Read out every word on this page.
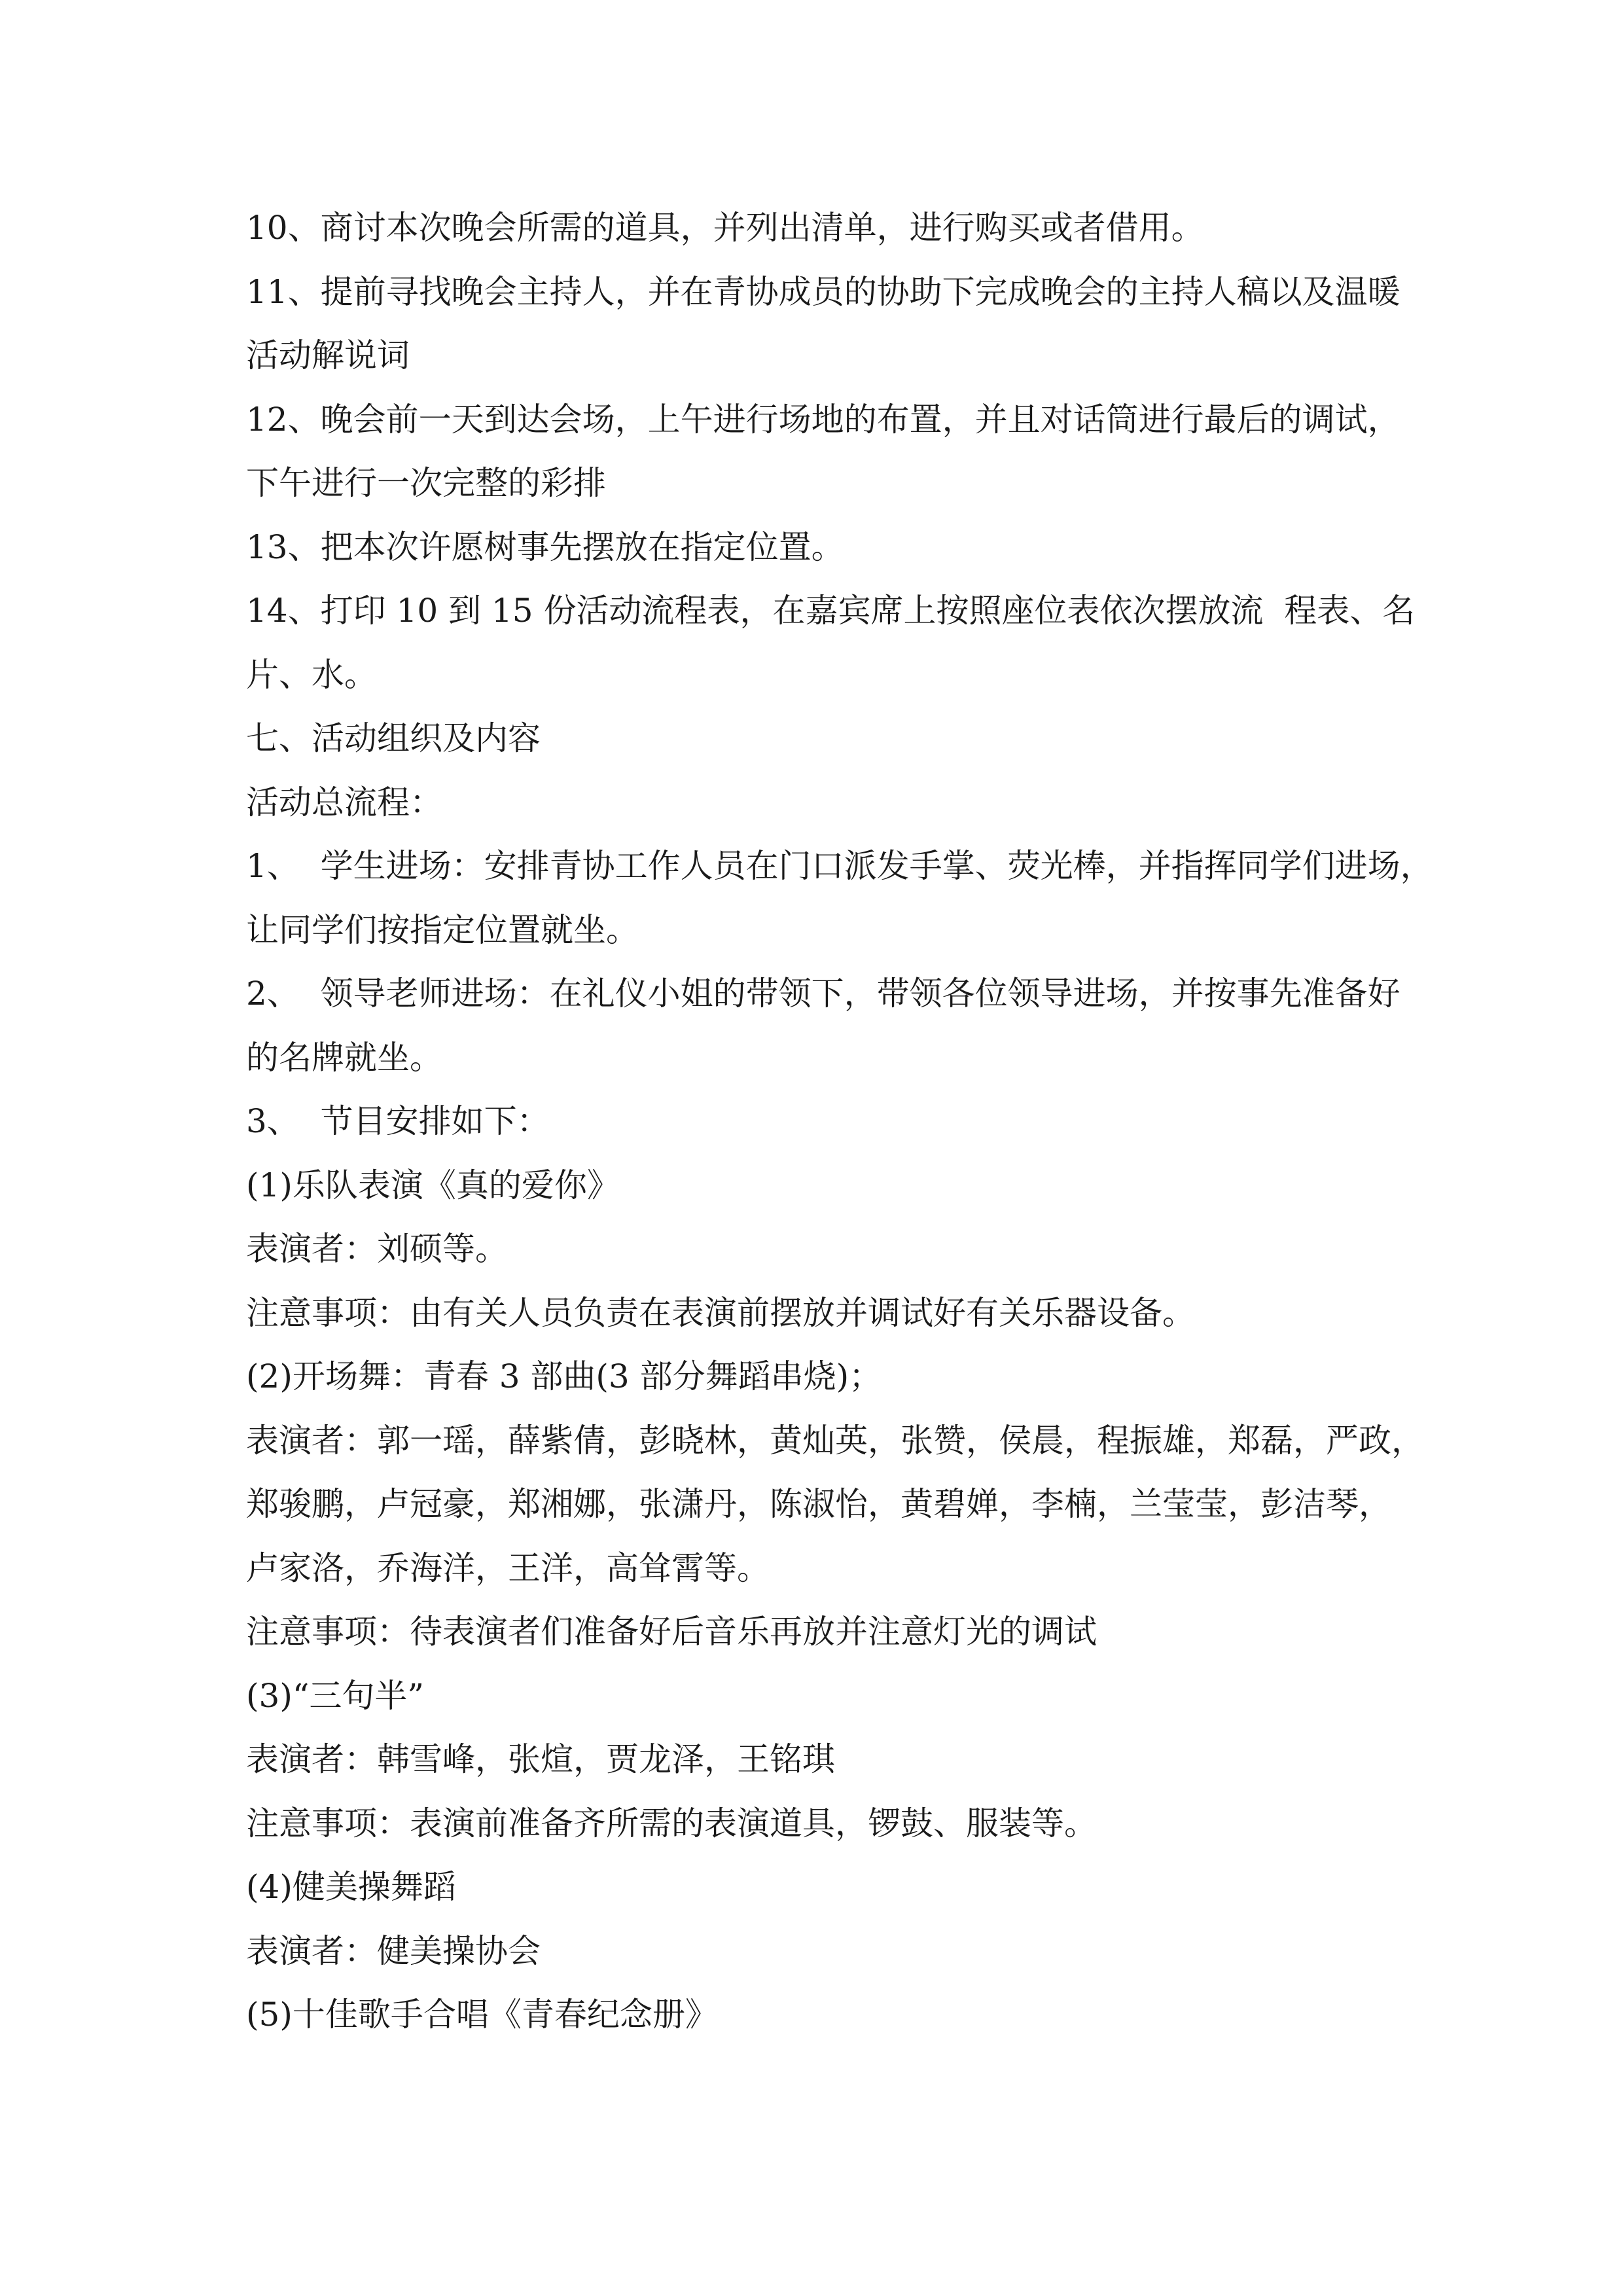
10、商讨本次晚会所需的道具，并列出清单，进行购买或者借用。
11、提前寻找晚会主持人，并在青协成员的协助下完成晚会的主持人稿以及温暖
活动解说词
12、晚会前一天到达会场，上午进行场地的布置，并且对话筒进行最后的调试，
下午进行一次完整的彩排
13、把本次许愿树事先摆放在指定位置。
14、打印 10 到 15 份活动流程表，在嘉宾席上按照座位表依次摆放流  程表、名
片、水。
七、活动组织及内容
活动总流程：
1、  学生进场：安排青协工作人员在门口派发手掌、荧光棒，并指挥同学们进场，
让同学们按指定位置就坐。
2、  领导老师进场：在礼仪小姐的带领下，带领各位领导进场，并按事先准备好
的名牌就坐。
3、  节目安排如下：
(1)乐队表演《真的爱你》
表演者：刘硕等。
注意事项：由有关人员负责在表演前摆放并调试好有关乐器设备。
(2)开场舞：青春 3 部曲(3 部分舞蹈串烧)；
表演者：郭一瑶，薛紫倩，彭晓林，黄灿英，张赞，侯晨，程振雄，郑磊，严政，
郑骏鹏，卢冠豪，郑湘娜，张潇丹，陈淑怡，黄碧婵，李楠，兰莹莹，彭洁琴，
卢家洛，乔海洋，王洋，高耸霄等。
注意事项：待表演者们准备好后音乐再放并注意灯光的调试
(3)“三句半”
表演者：韩雪峰，张煊，贾龙泽，王铭琪
注意事项：表演前准备齐所需的表演道具，锣鼓、服装等。
(4)健美操舞蹈
表演者：健美操协会
(5)十佳歌手合唱《青春纪念册》
